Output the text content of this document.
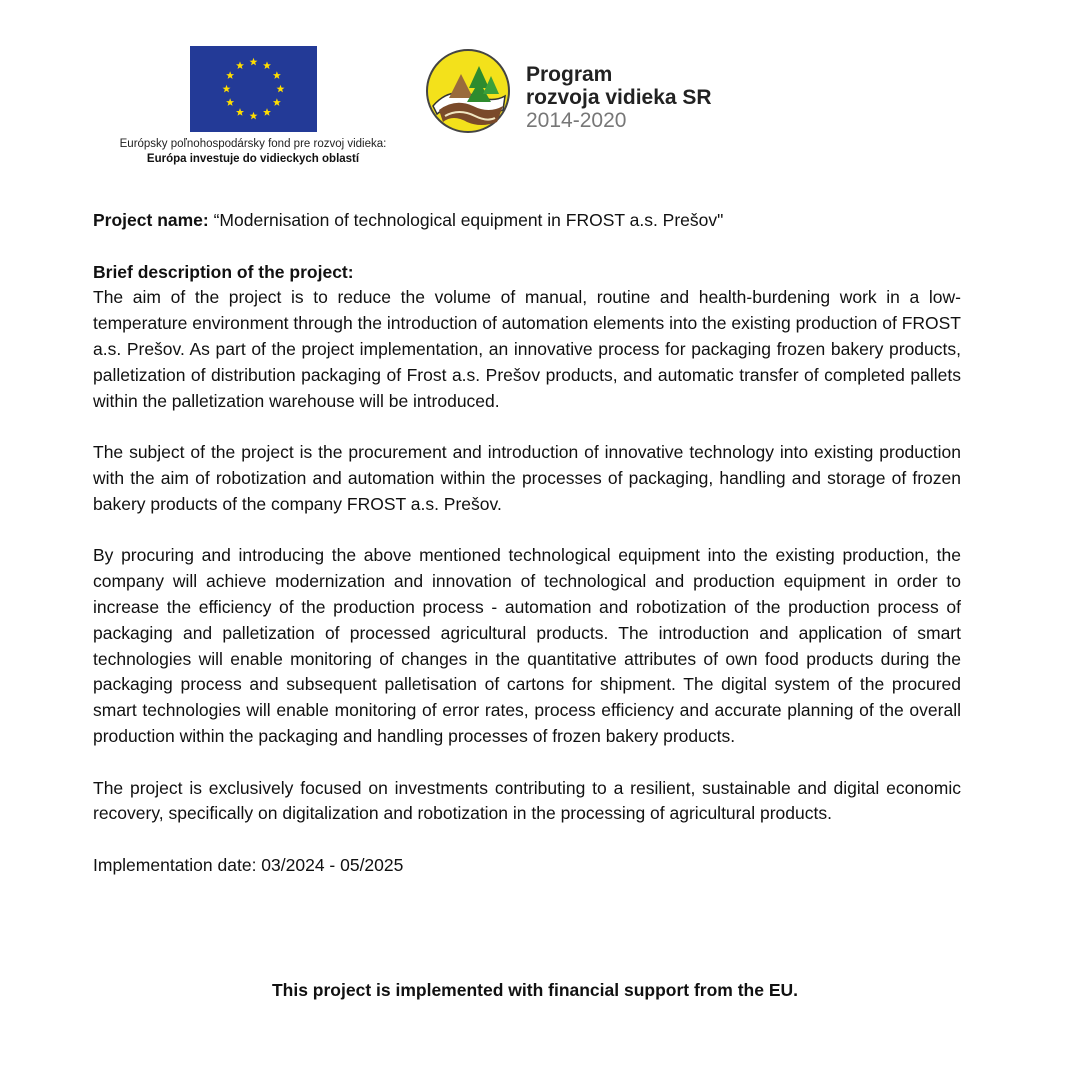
Európsky poľnohospodársky fond pre rozvoj vidieka:
Európa investuje do vidieckych oblastí
Program
rozvoja vidieka SR
2014-2020

Project name: “Modernisation of technological equipment in FROST a.s. Prešov"

Brief description of the project:

The aim of the project is to reduce the volume of manual, routine and health-burdening work in a low-temperature environment through the introduction of automation elements into the existing production of FROST a.s. Prešov. As part of the project implementation, an innovative process for packaging frozen bakery products, palletization of distribution packaging of Frost a.s. Prešov products, and automatic transfer of completed pallets within the palletization warehouse will be introduced.

The subject of the project is the procurement and introduction of innovative technology into existing production with the aim of robotization and automation within the processes of packaging, handling and storage of frozen bakery products of the company FROST a.s. Prešov.

By procuring and introducing the above mentioned technological equipment into the existing production, the company will achieve modernization and innovation of technological and production equipment in order to increase the efficiency of the production process - automation and robotization of the production process of packaging and palletization of processed agricultural products. The introduction and application of smart technologies will enable monitoring of changes in the quantitative attributes of own food products during the packaging process and subsequent palletisation of cartons for shipment. The digital system of the procured smart technologies will enable monitoring of error rates, process efficiency and accurate planning of the overall production within the packaging and handling processes of frozen bakery products.

The project is exclusively focused on investments contributing to a resilient, sustainable and digital economic recovery, specifically on digitalization and robotization in the processing of agricultural products.

Implementation date: 03/2024 - 05/2025

This project is implemented with financial support from the EU.
